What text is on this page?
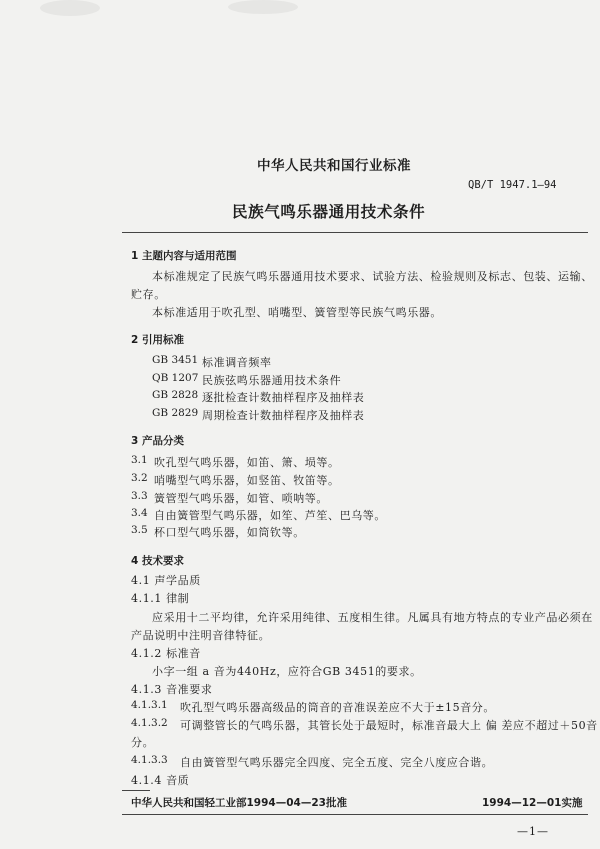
中华人民共和国行业标准
QB/T 1947.1—94
民族气鸣乐器通用技术条件
1 主题内容与适用范围
本标准规定了民族气鸣乐器通用技术要求、试验方法、检验规则及标志、包装、运输、
贮存。
本标准适用于吹孔型、哨嘴型、簧管型等民族气鸣乐器。
2 引用标准
GB 3451 标准调音频率
QB 1207 民族弦鸣乐器通用技术条件
GB 2828 逐批检查计数抽样程序及抽样表
GB 2829 周期检查计数抽样程序及抽样表
3 产品分类
3.1 吹孔型气鸣乐器，如笛、箫、埙等。
3.2 哨嘴型气鸣乐器，如竖笛、牧笛等。
3.3 簧管型气鸣乐器，如管、唢呐等。
3.4 自由簧管型气鸣乐器，如笙、芦笙、巴乌等。
3.5 杯口型气鸣乐器，如筒钦等。
4 技术要求
4.1 声学品质
4.1.1 律制
应采用十二平均律，允许采用纯律、五度相生律。凡属具有地方特点的专业产品必须在
产品说明中注明音律特征。
4.1.2 标准音
小字一组 a 音为440Hz，应符合GB 3451的要求。
4.1.3 音准要求
4.1.3.1 吹孔型气鸣乐器高级品的筒音的音准误差应不大于±15音分。
4.1.3.2 可调整管长的气鸣乐器，其管长处于最短时，标准音最大上 偏 差应不超过＋50音
分。
4.1.3.3 自由簧管型气鸣乐器完全四度、完全五度、完全八度应合谐。
4.1.4 音质
中华人民共和国轻工业部1994—04—23批准	1994—12—01实施
—1—
